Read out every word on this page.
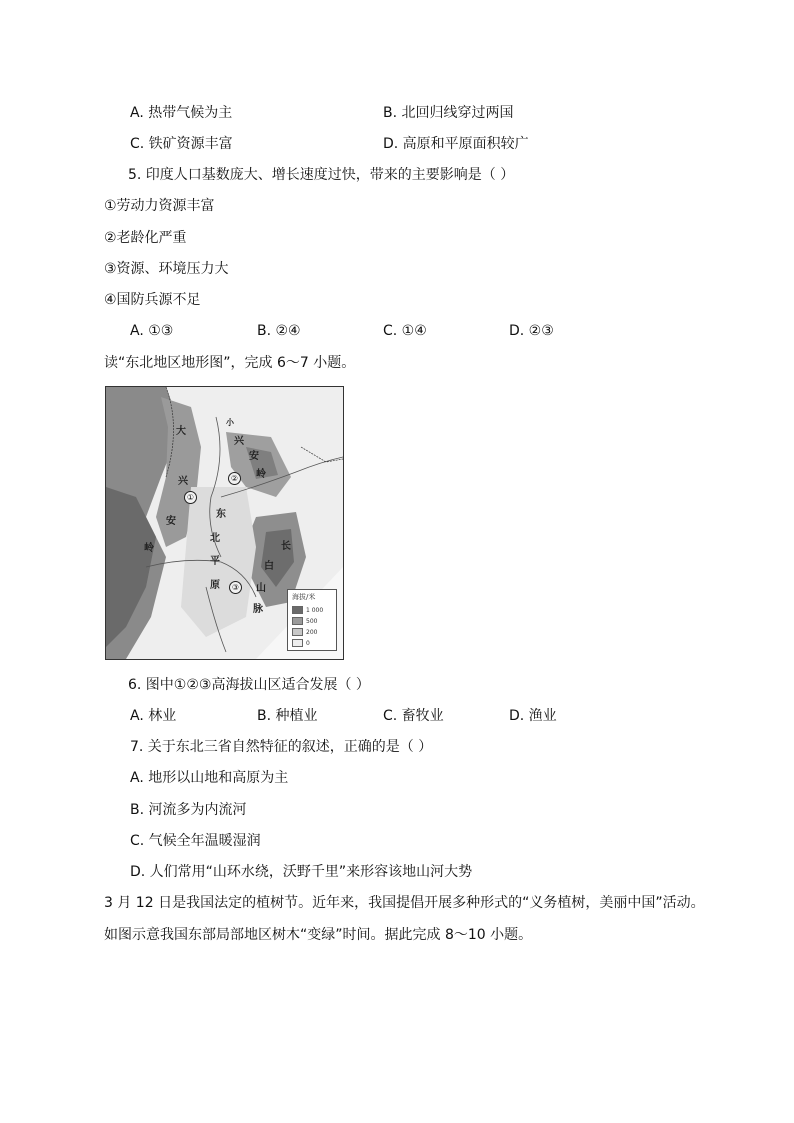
A. 热带气候为主	B. 北回归线穿过两国
C. 铁矿资源丰富	D. 高原和平原面积较广
5. 印度人口基数庞大、增长速度过快，带来的主要影响是（ ）
①劳动力资源丰富
②老龄化严重
③资源、环境压力大
④国防兵源不足
A. ①③	B. ②④	C. ①④	D. ②③
读“东北地区地形图”，完成 6～7 小题。
大
兴
安
岭
小
兴
安
岭
东
北
平
原
长
白
山
脉
①
②
③
海拔/米
1 000
500
200
0
6. 图中①②③高海拔山区适合发展（ ）
A. 林业	B. 种植业	C. 畜牧业	D. 渔业
7. 关于东北三省自然特征的叙述，正确的是（ ）
A. 地形以山地和高原为主
B. 河流多为内流河
C. 气候全年温暖湿润
D. 人们常用“山环水绕，沃野千里”来形容该地山河大势
3 月 12 日是我国法定的植树节。近年来，我国提倡开展多种形式的“义务植树，美丽中国”活动。
如图示意我国东部局部地区树木“变绿”时间。据此完成 8～10 小题。
